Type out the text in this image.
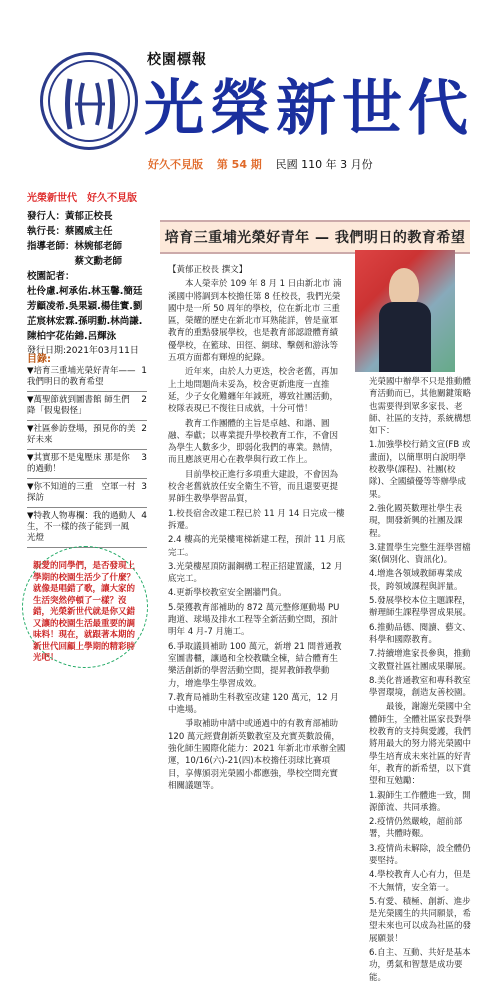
校園標報
光榮新世代
好久不見版 第 54 期 民國 110 年 3 月份
光榮新世代　好久不見版
發行人：黃郁正校長
執行長：蔡國威主任
指導老師：林婉郁老師
　　　　　蔡文勳老師
校園記者：
杜伶慮.柯承佑.林玉馨.簡廷芳顧凌希.吳果穎.楊佳實.劉芷宸林宏霖.孫明勳.林尚謙.陳柏宇花佑錦.呂輝泳
發行日期:2021年03月11日
目錄:
▼培育三重埔光榮好青年——我們明日的教育希望
1
▼萬聖節就到圖書館 師生們降「假鬼假怪」
2
▼社區參訪登場，預見你的美好未來
2
▼其實那不是鬼壓床 那是你的過動！
3
▼你不知道的三重　空軍一村探訪
3
▼特教人物專欄：我的過動人生，不一樣的孩子能到一風光燈
4
親愛的同學們，是否發現上學期的校園生活少了什麼？就像是唱錯了歌，讓大家的生活突然停頓了一樣？沒錯，光榮新世代就是你又錯又讓的校園生活最重要的調味料！現在，就跟著本期的新世代回顧上學期的精彩時光吧！
培育三重埔光榮好青年 — 我們明日的教育希望

【黃郁正校長 撰文】

本人榮幸於 109 年 8 月 1 日由新北市 湳溪國中將調到本校擔任第 8 任校長，我們光榮國中是一所 50 周年的學校，位在新北市 三重區，榮耀的歷史在新北市耳熟能詳，曾是童軍教育的重點發展學校，也是教育部認證體育績優學校，在籃球、田徑、網球、擊劍和游泳等五項方面都有輝煌的紀錄。

近年來，由於人力更迭，校舍老舊，再加上土地問題尚未妥為，校舍更新進度一直推延，少子女化難纏年年減班，導致社團活動，校隊表現已不復往日成就，十分可惜！

教育工作團體的主旨是卓越、和諧、圓融、奉獻；以專業提升學校教育工作，不會因為學生人數多少，即弱化我們的專業。熱情，而且應該更用心在教學與行政工作上。

目前學校正進行多項重大建設，不會因為校舍老舊就放任安全衛生不管，而且還要更提昇師生教學學習品質，

1.校長宿舍改建工程已於 11 月 14 日完成一樓拆遷。

2.4 樓高的光榮樓電梯新建工程，預計 11 月底完工。

3.光榮樓屋頂防漏鋼構工程正招建置議，12 月底完工。

4.更新學校教室安全圍牆門負。

5.榮獲教育部補助的 872 萬元整修運動場 PU 跑道、球場及排水工程等全新活動空間，預計明年 4 月-7 月施工。

6.爭取議員補助 100 萬元，新增 21 間普通教室圖書櫃，讓過和全校教職全棟，結合體育生樂活創新的學習活動空間，提昇教師教學動力，增進學生學習成效。

7.教育局補助生科教室改建 120 萬元，12 月中進場。

爭取補助申請中或通過中的有教育部補助 120 萬元經費創新英數教室及充實英數設備，強化師生國際化能力：2021 年新北市承辦全國運，10/16(六)-21(四)本校擔任羽球比賽項目，享傳頒羽光榮國小都應強，學校空間充實相關議題等。

光榮國中辦學不只是推動體育活動而已，其他關鍵策略也需要得到眾多家長、老師、社區的支持，系統構想如下：

1.加強學校行銷文宣(FB 或畫面)，以簡單明白說明學校教學(課程)、社團(校隊)、全國績優等等辦學成果。

2.強化國英數理社學生表現，開發新興的社團及課程。

3.建置學生完整生涯學習檔案(個別化、資訊化)。

4.增進各領域教師專業成長，跨領域課程與評量。

5.發展學校本位主題課程，辦理師生課程學習成果展。

6.推動品德、閱讀、藝文、科學和國際教育。

7.持續增進家長參與，推動文教暨社區社團成果聯展。

8.美化普通教室和專科教室學習環境，創造友善校園。

最後，謝謝光榮國中全體師生，全體社區家長對學校教育的支持與愛護，我們將用最大的努力將光榮國中學生培育成未來社區的好青年，教育的新希望，以下賞望和互勉勵：

1.親師生工作體進一致，開源節流、共同承擔。

2.疫情仍然嚴峻，超前部署，共體時艱。

3.疫情尚未解除，設全體仍要堅持。

4.學校教育人心有力，但是不大無情，安全第一。

5.有愛、積極、創新、進步是光榮國生的共同願景，希望未來也可以成為社區的發展願景！

6.自主、互動、共好是基本功，勇氣和智慧是成功要能。
